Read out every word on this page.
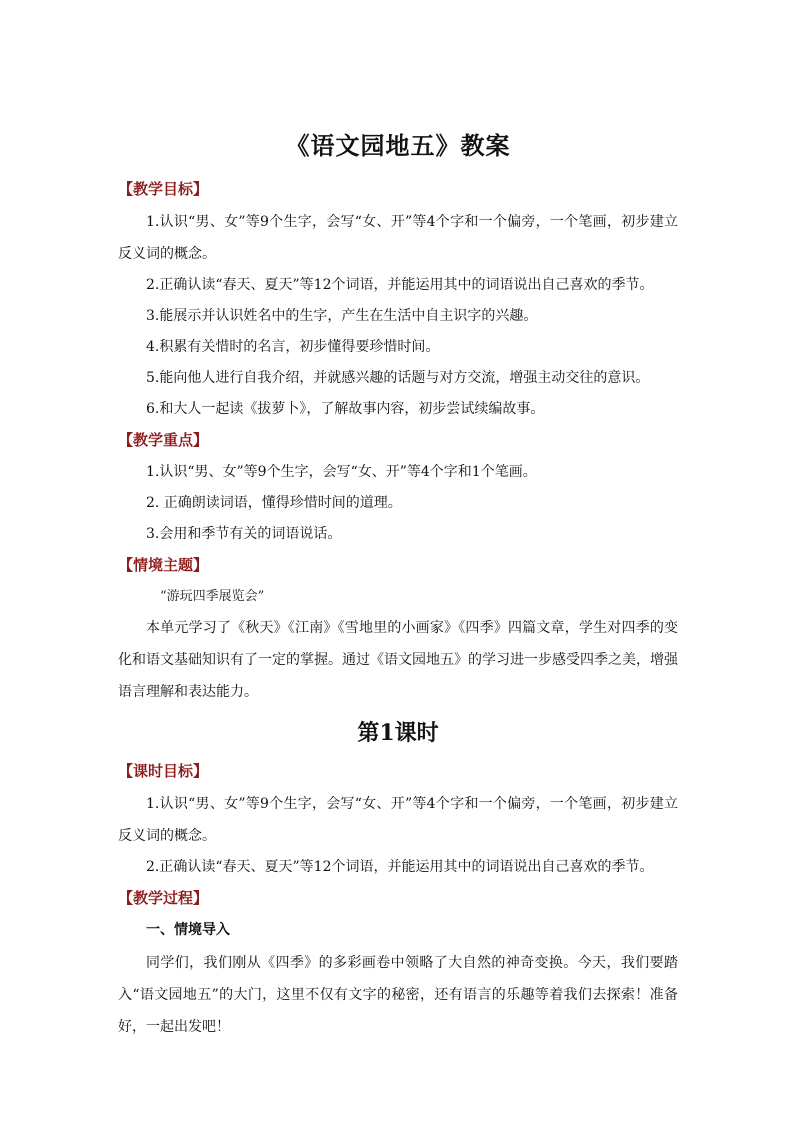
《语文园地五》教案
【教学目标】

1.认识“男、女”等9个生字，会写“女、开”等4个字和一个偏旁，一个笔画，初步建立反义词的概念。

2.正确认读“春天、夏天”等12个词语，并能运用其中的词语说出自己喜欢的季节。

3.能展示并认识姓名中的生字，产生在生活中自主识字的兴趣。

4.积累有关惜时的名言，初步懂得要珍惜时间。

5.能向他人进行自我介绍，并就感兴趣的话题与对方交流，增强主动交往的意识。

6.和大人一起读《拔萝卜》，了解故事内容，初步尝试续编故事。

【教学重点】

1.认识“男、女”等9个生字，会写“女、开”等4个字和1个笔画。

2. 正确朗读词语，懂得珍惜时间的道理。

3.会用和季节有关的词语说话。

【情境主题】

“游玩四季展览会”

本单元学习了《秋天》《江南》《雪地里的小画家》《四季》四篇文章，学生对四季的变化和语文基础知识有了一定的掌握。通过《语文园地五》的学习进一步感受四季之美，增强语言理解和表达能力。

第1课时
【课时目标】

1.认识“男、女”等9个生字，会写“女、开”等4个字和一个偏旁，一个笔画，初步建立反义词的概念。

2.正确认读“春天、夏天”等12个词语，并能运用其中的词语说出自己喜欢的季节。

【教学过程】

一、情境导入

同学们，我们刚从《四季》的多彩画卷中领略了大自然的神奇变换。今天，我们要踏入“语文园地五”的大门，这里不仅有文字的秘密，还有语言的乐趣等着我们去探索！准备好，一起出发吧！
